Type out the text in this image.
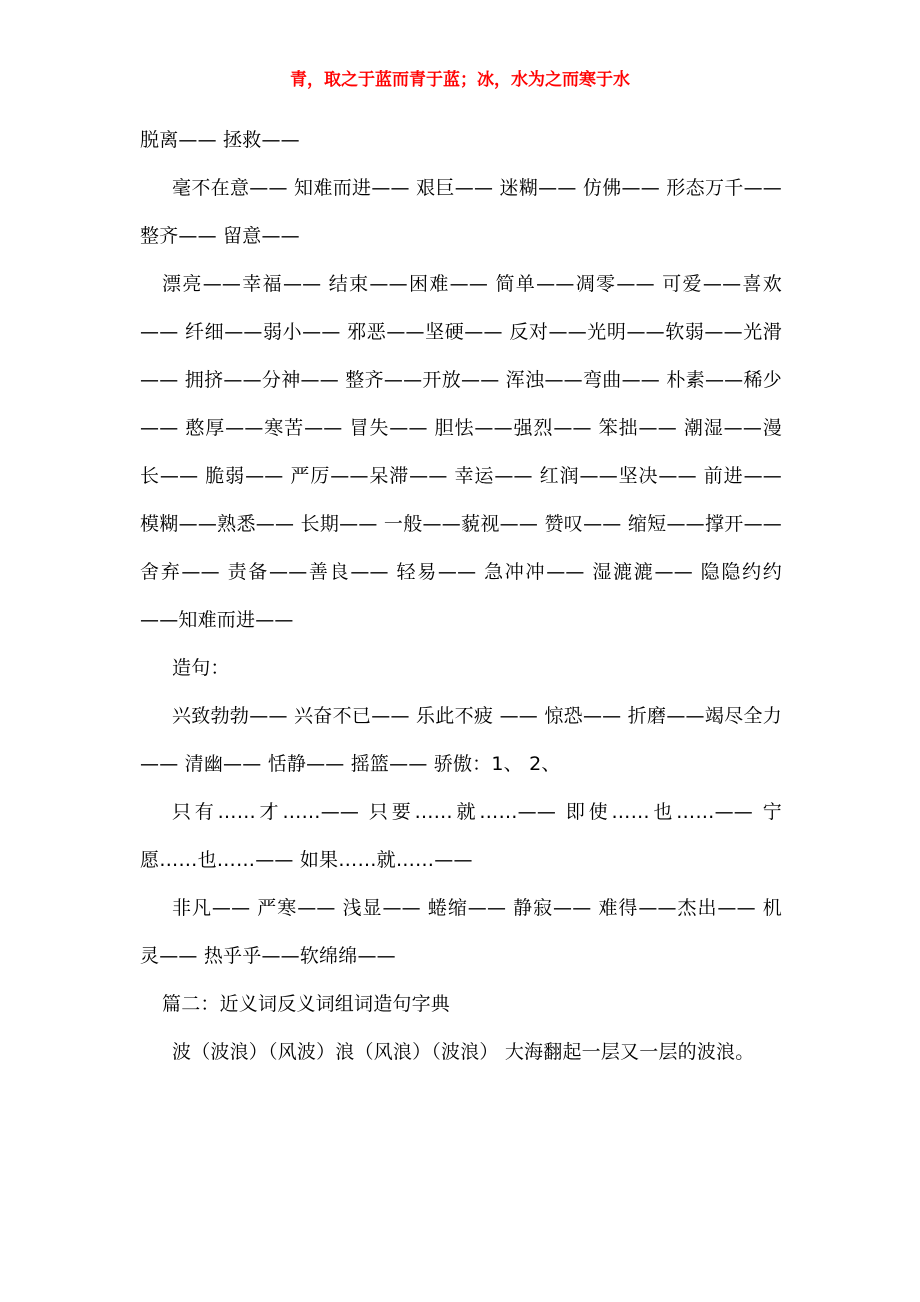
青，取之于蓝而青于蓝；冰，水为之而寒于水

脱离—— 拯救——

毫不在意—— 知难而进—— 艰巨—— 迷糊—— 仿佛—— 形态万千—— 整齐—— 留意——

漂亮——幸福—— 结束——困难—— 简单——凋零—— 可爱——喜欢—— 纤细——弱小—— 邪恶——坚硬—— 反对——光明——软弱——光滑—— 拥挤——分神—— 整齐——开放—— 浑浊——弯曲—— 朴素——稀少—— 憨厚——寒苦—— 冒失—— 胆怯——强烈—— 笨拙—— 潮湿——漫长—— 脆弱—— 严厉——呆滞—— 幸运—— 红润——坚决—— 前进—— 模糊——熟悉—— 长期—— 一般——藐视—— 赞叹—— 缩短——撑开—— 舍弃—— 责备——善良—— 轻易—— 急冲冲—— 湿漉漉—— 隐隐约约——知难而进——

造句：

兴致勃勃—— 兴奋不已—— 乐此不疲 —— 惊恐—— 折磨——竭尽全力—— 清幽—— 恬静—— 摇篮—— 骄傲：1、 2、

只有……才……—— 只要……就……—— 即使……也……—— 宁愿……也……—— 如果……就……——

非凡—— 严寒—— 浅显—— 蜷缩—— 静寂—— 难得——杰出—— 机灵—— 热乎乎——软绵绵——

篇二：近义词反义词组词造句字典

波（波浪）（风波）浪（风浪）（波浪） 大海翻起一层又一层的波浪。
